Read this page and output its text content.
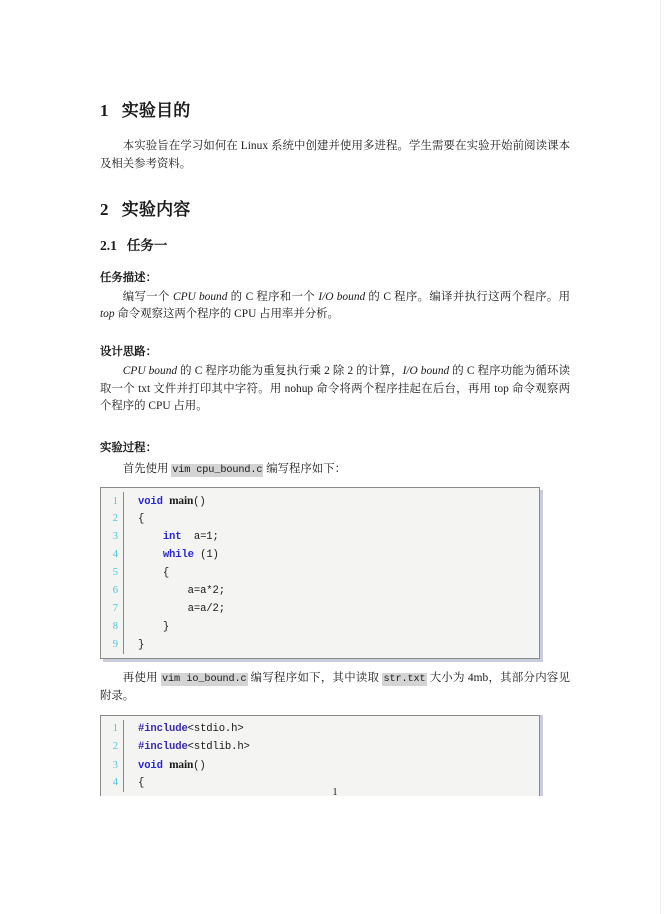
1 实验目的

本实验旨在学习如何在 Linux 系统中创建并使用多进程。学生需要在实验开始前阅读课本及相关参考资料。

2 实验内容
2.1 任务一
任务描述：

编写一个 CPU bound 的 C 程序和一个 I/O bound 的 C 程序。编译并执行这两个程序。用 top 命令观察这两个程序的 CPU 占用率并分析。

设计思路：

CPU bound 的 C 程序功能为重复执行乘 2 除 2 的计算，I/O bound 的 C 程序功能为循环读取一个 txt 文件并打印其中字符。用 nohup 命令将两个程序挂起在后台，再用 top 命令观察两个程序的 CPU 占用。

实验过程：

首先使用 vim cpu_bound.c 编写程序如下：

1	void main()
2	{
3	int  a=1;
4	while (1)
5	{
6	a=a*2;
7	a=a/2;
8	}
9	}

再使用 vim io_bound.c 编写程序如下，其中读取 str.txt 大小为 4mb，其部分内容见附录。

1	#include<stdio.h>
2	#include<stdlib.h>
3	void main()
4	{
1
